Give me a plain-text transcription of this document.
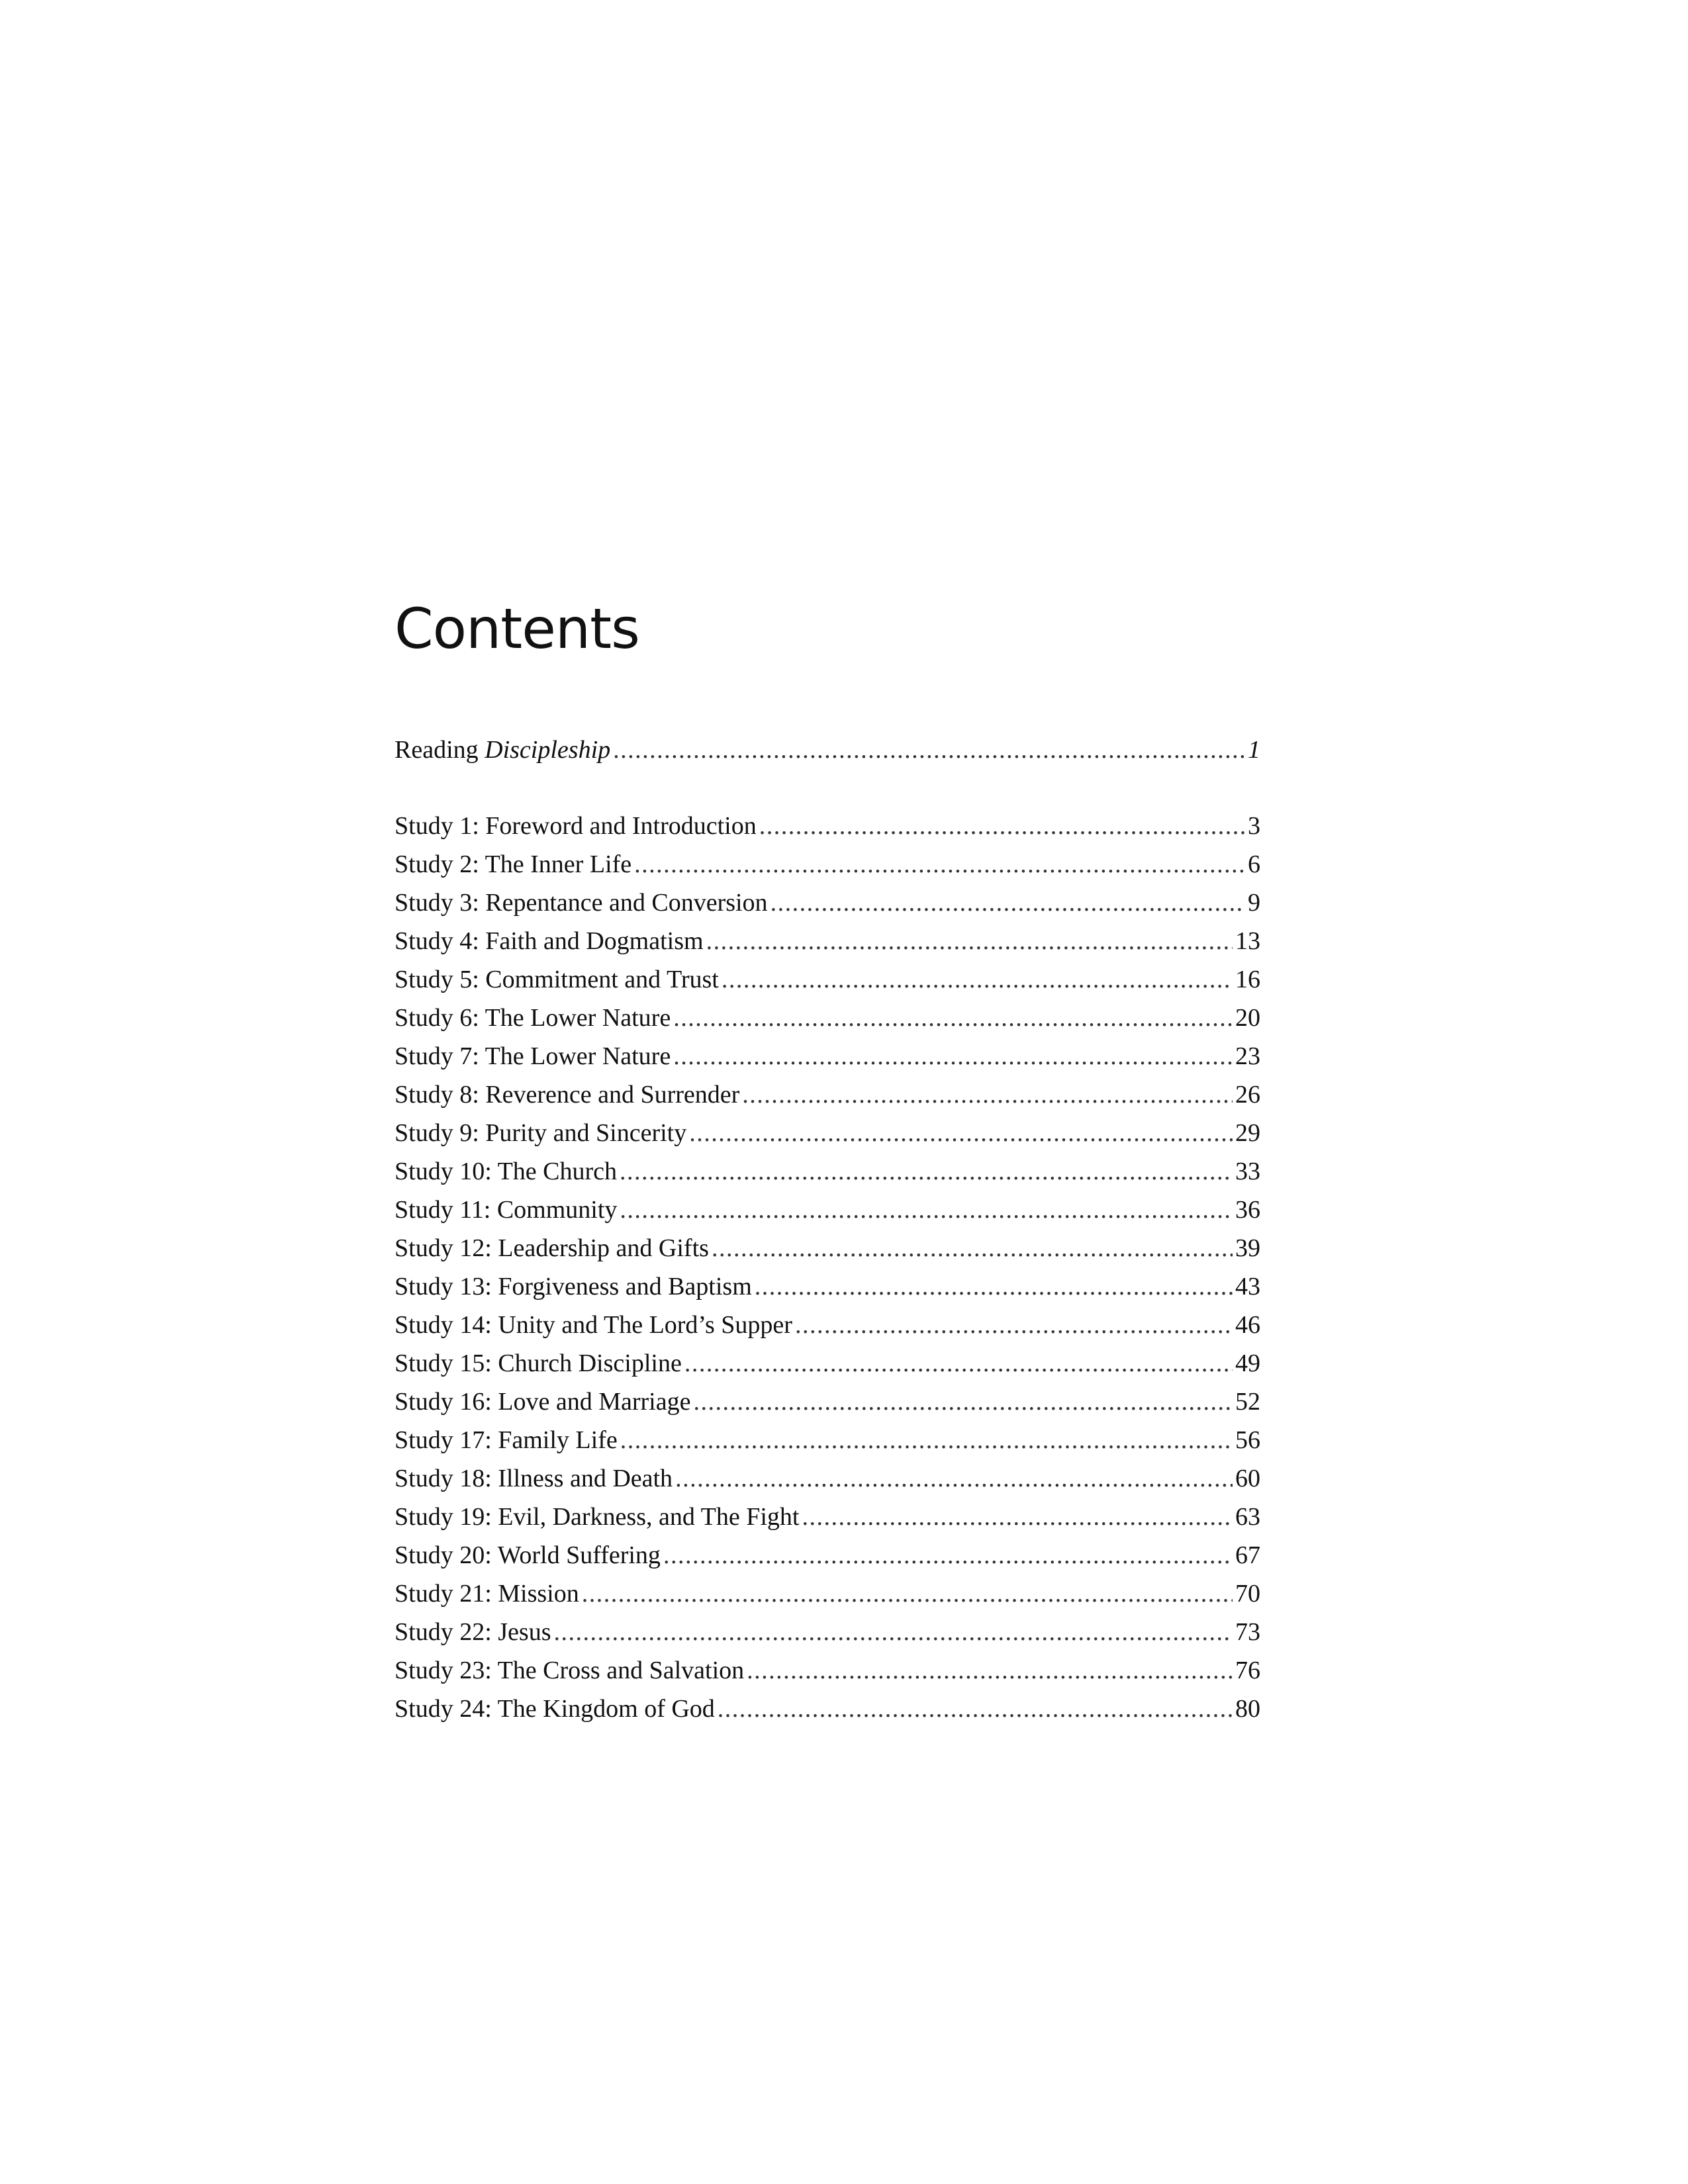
Contents
Reading Discipleship . . .	1
Study 1: Foreword and Introduction . . .	3
Study 2: The Inner Life . . .	6
Study 3: Repentance and Conversion . . .	9
Study 4: Faith and Dogmatism . . .	13
Study 5: Commitment and Trust . . .	16
Study 6: The Lower Nature . . .	20
Study 7: The Lower Nature . . .	23
Study 8: Reverence and Surrender . . .	26
Study 9: Purity and Sincerity . . .	29
Study 10: The Church . . .	33
Study 11: Community . . .	36
Study 12: Leadership and Gifts . . .	39
Study 13: Forgiveness and Baptism . . .	43
Study 14: Unity and The Lord’s Supper . . .	46
Study 15: Church Discipline . . .	49
Study 16: Love and Marriage . . .	52
Study 17: Family Life . . .	56
Study 18: Illness and Death . . .	60
Study 19: Evil, Darkness, and The Fight . . .	63
Study 20: World Suffering . . .	67
Study 21: Mission . . .	70
Study 22: Jesus . . .	73
Study 23: The Cross and Salvation . . .	76
Study 24: The Kingdom of God . . .	80
